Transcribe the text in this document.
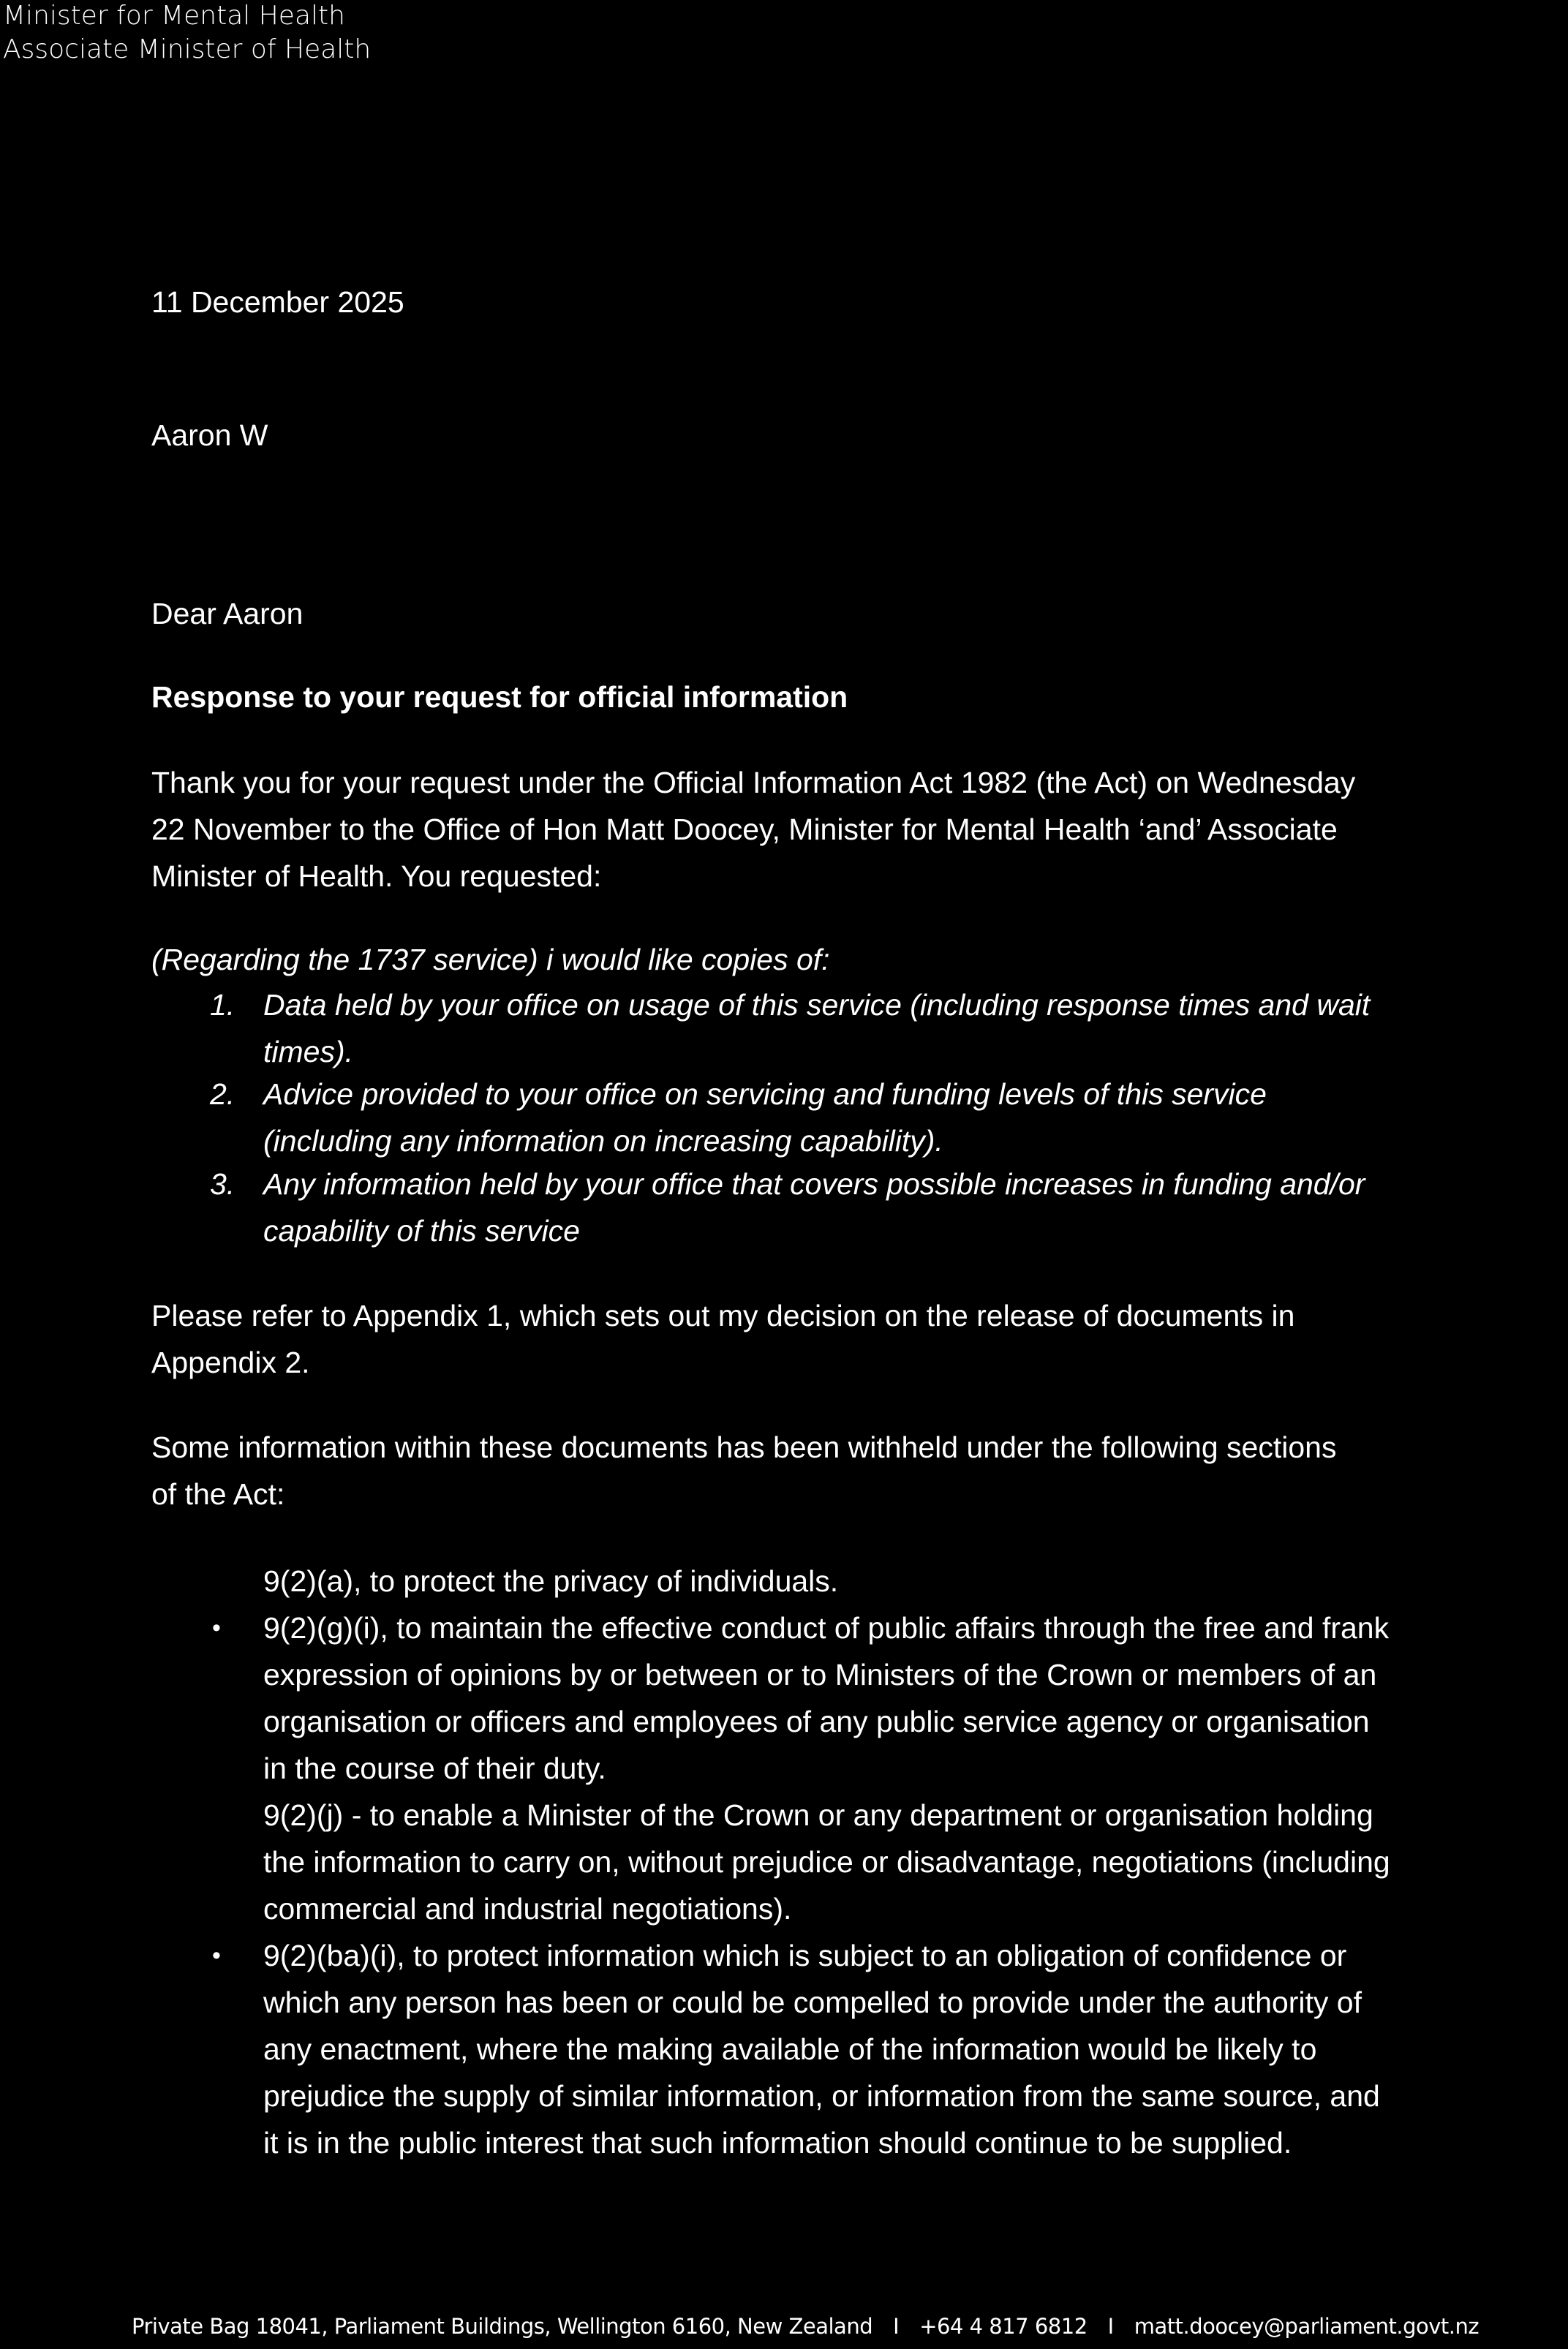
Minister for Mental Health
Associate Minister of Health
11 December 2025
Aaron W
Dear Aaron
Response to your request for official information
Thank you for your request under the Official Information Act 1982 (the Act) on Wednesday
22 November to the Office of Hon Matt Doocey, Minister for Mental Health ‘and’ Associate
Minister of Health. You requested:
(Regarding the 1737 service) i would like copies of:
1. Data held by your office on usage of this service (including response times and wait
times).
2. Advice provided to your office on servicing and funding levels of this service
(including any information on increasing capability).
3. Any information held by your office that covers possible increases in funding and/or
capability of this service
Please refer to Appendix 1, which sets out my decision on the release of documents in
Appendix 2.
Some information within these documents has been withheld under the following sections
of the Act:
9(2)(a), to protect the privacy of individuals.
• 9(2)(g)(i), to maintain the effective conduct of public affairs through the free and frank
expression of opinions by or between or to Ministers of the Crown or members of an
organisation or officers and employees of any public service agency or organisation
in the course of their duty.
9(2)(j) - to enable a Minister of the Crown or any department or organisation holding
the information to carry on, without prejudice or disadvantage, negotiations (including
commercial and industrial negotiations).
• 9(2)(ba)(i), to protect information which is subject to an obligation of confidence or
which any person has been or could be compelled to provide under the authority of
any enactment, where the making available of the information would be likely to
prejudice the supply of similar information, or information from the same source, and
it is in the public interest that such information should continue to be supplied.
Private Bag 18041, Parliament Buildings, Wellington 6160, New Zealand I +64 4 817 6812 I matt.doocey@parliament.govt.nz
